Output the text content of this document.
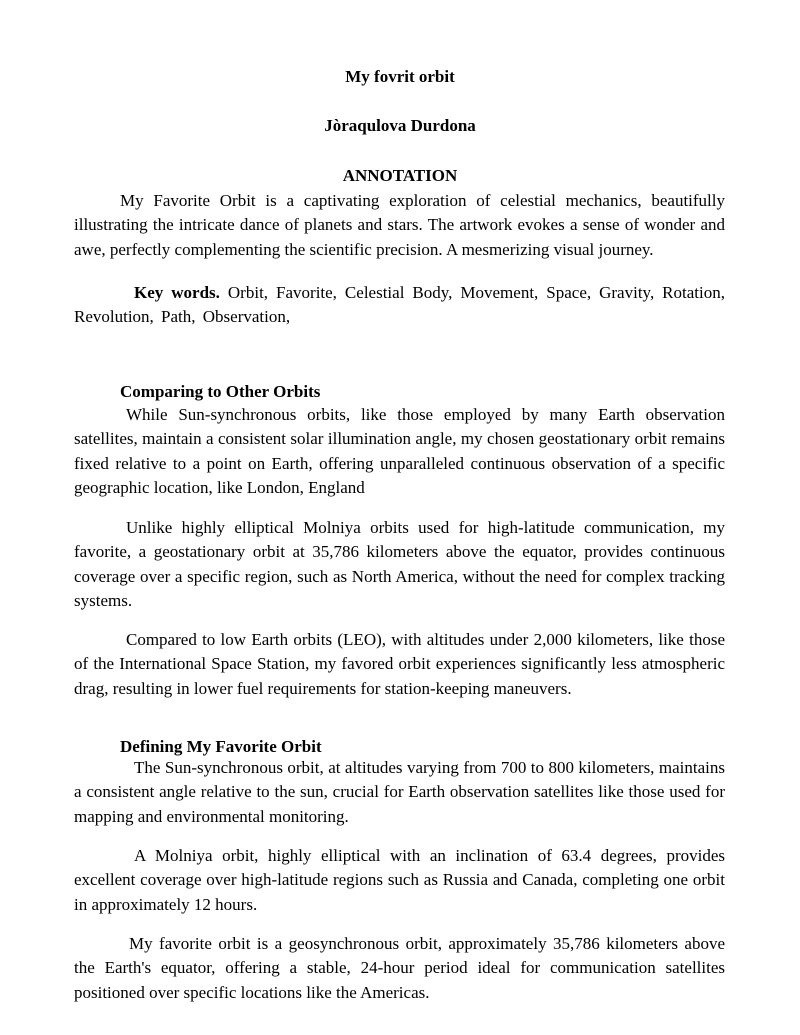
My fovrit orbit
Jòraqulova Durdona
ANNOTATION

My Favorite Orbit is a captivating exploration of celestial mechanics, beautifully illustrating the intricate dance of planets and stars. The artwork evokes a sense of wonder and awe, perfectly complementing the scientific precision. A mesmerizing visual journey.

Key words. Orbit, Favorite, Celestial Body, Movement, Space, Gravity, Rotation, Revolution, Path, Observation,

Comparing to Other Orbits

While Sun-synchronous orbits, like those employed by many Earth observation satellites, maintain a consistent solar illumination angle, my chosen geostationary orbit remains fixed relative to a point on Earth, offering unparalleled continuous observation of a specific geographic location, like London, England

Unlike highly elliptical Molniya orbits used for high-latitude communication, my favorite, a geostationary orbit at 35,786 kilometers above the equator, provides continuous coverage over a specific region, such as North America, without the need for complex tracking systems.

Compared to low Earth orbits (LEO), with altitudes under 2,000 kilometers, like those of the International Space Station, my favored orbit experiences significantly less atmospheric drag, resulting in lower fuel requirements for station-keeping maneuvers.

Defining My Favorite Orbit

The Sun-synchronous orbit, at altitudes varying from 700 to 800 kilometers, maintains a consistent angle relative to the sun, crucial for Earth observation satellites like those used for mapping and environmental monitoring.

A Molniya orbit, highly elliptical with an inclination of 63.4 degrees, provides excellent coverage over high-latitude regions such as Russia and Canada, completing one orbit in approximately 12 hours.

My favorite orbit is a geosynchronous orbit, approximately 35,786 kilometers above the Earth's equator, offering a stable, 24-hour period ideal for communication satellites positioned over specific locations like the Americas.
